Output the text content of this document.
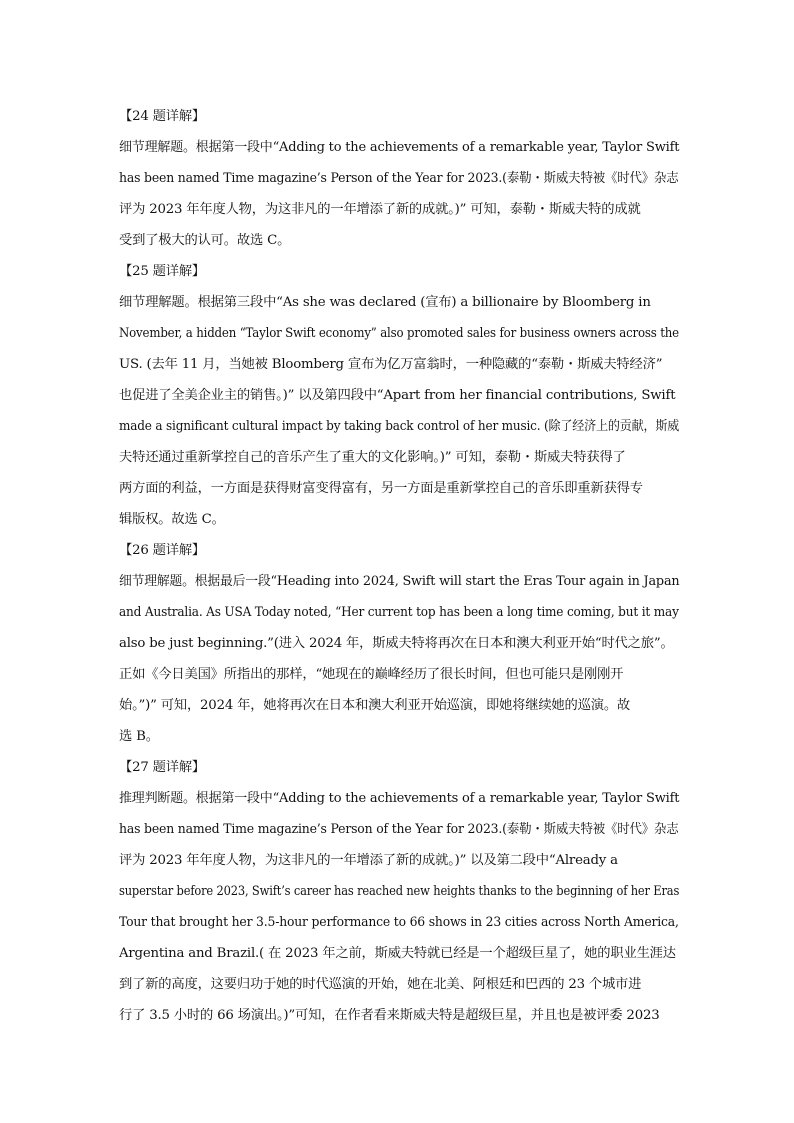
【24 题详解】
细节理解题。根据第一段中“Adding to the achievements of a remarkable year, Taylor Swift
has been named Time magazine’s Person of the Year for 2023.(泰勒・斯威夫特被《时代》杂志
评为 2023 年年度人物，为这非凡的一年增添了新的成就。)” 可知，泰勒・斯威夫特的成就
受到了极大的认可。故选 C。
【25 题详解】
细节理解题。根据第三段中“As she was declared (宣布) a billionaire by Bloomberg in
November, a hidden “Taylor Swift economy” also promoted sales for business owners across the
US. (去年 11 月，当她被 Bloomberg 宣布为亿万富翁时，一种隐藏的“泰勒・斯威夫特经济”
也促进了全美企业主的销售。)” 以及第四段中“Apart from her financial contributions, Swift
made a significant cultural impact by taking back control of her music. (除了经济上的贡献，斯威
夫特还通过重新掌控自己的音乐产生了重大的文化影响。)” 可知，泰勒・斯威夫特获得了
两方面的利益，一方面是获得财富变得富有，另一方面是重新掌控自己的音乐即重新获得专
辑版权。故选 C。
【26 题详解】
细节理解题。根据最后一段“Heading into 2024, Swift will start the Eras Tour again in Japan
and Australia. As USA Today noted, “Her current top has been a long time coming, but it may
also be just beginning.”(进入 2024 年，斯威夫特将再次在日本和澳大利亚开始“时代之旅”。
正如《今日美国》所指出的那样，“她现在的巅峰经历了很长时间，但也可能只是刚刚开
始。”)” 可知，2024 年，她将再次在日本和澳大利亚开始巡演，即她将继续她的巡演。故
选 B。
【27 题详解】
推理判断题。根据第一段中“Adding to the achievements of a remarkable year, Taylor Swift
has been named Time magazine’s Person of the Year for 2023.(泰勒・斯威夫特被《时代》杂志
评为 2023 年年度人物，为这非凡的一年增添了新的成就。)” 以及第二段中“Already a
superstar before 2023, Swift’s career has reached new heights thanks to the beginning of her Eras
Tour that brought her 3.5-hour performance to 66 shows in 23 cities across North America,
Argentina and Brazil.( 在 2023 年之前，斯威夫特就已经是一个超级巨星了，她的职业生涯达
到了新的高度，这要归功于她的时代巡演的开始，她在北美、阿根廷和巴西的 23 个城市进
行了 3.5 小时的 66 场演出。)”可知，在作者看来斯威夫特是超级巨星，并且也是被评委 2023
